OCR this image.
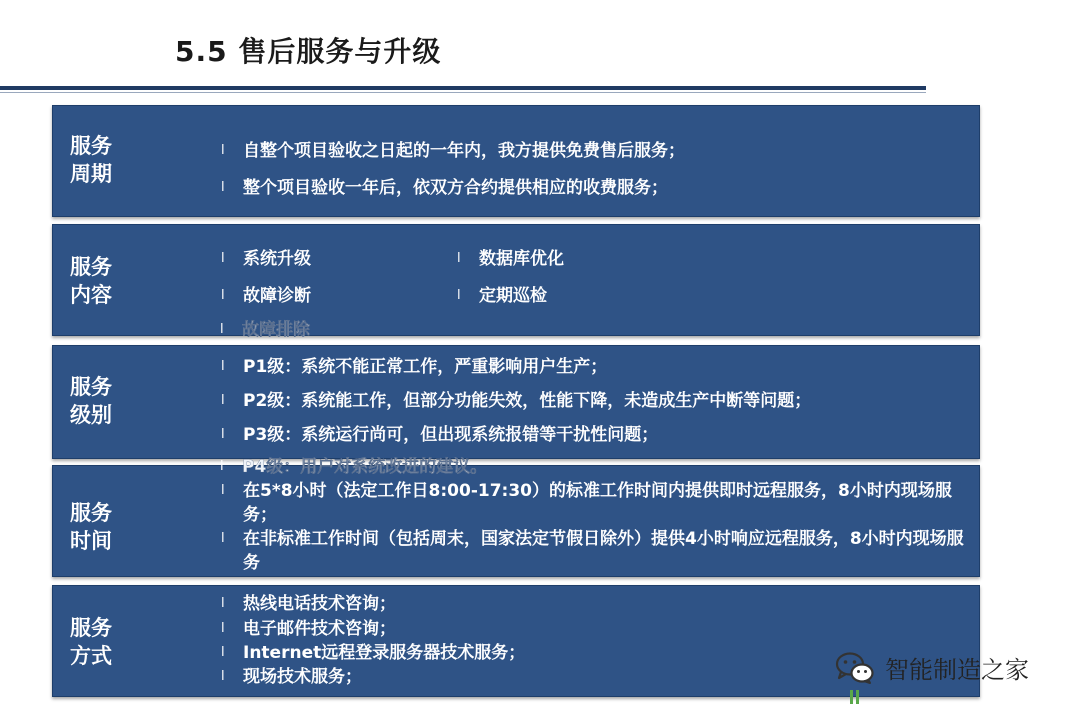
5.5 售后服务与升级
服务
周期
l 自整个项目验收之日起的一年内，我方提供免费售后服务；
l 整个项目验收一年后，依双方合约提供相应的收费服务；
服务
内容
l 系统升级
l 故障诊断
l 数据库优化
l 定期巡检
l 故障排除
服务
级别
l P1级：系统不能正常工作，严重影响用户生产；
l P2级：系统能工作，但部分功能失效，性能下降，未造成生产中断等问题；
l P3级：系统运行尚可，但出现系统报错等干扰性问题；
l P4级：用户对系统改进的建议。
服务
时间
l 在5*8小时（法定工作日8:00-17:30）的标准工作时间内提供即时远程服务，8小时内现场服务；
l 在非标准工作时间（包括周末，国家法定节假日除外）提供4小时响应远程服务，8小时内现场服务
服务
方式
l 热线电话技术咨询；
l 电子邮件技术咨询；
l Internet远程登录服务器技术服务；
l 现场技术服务；	智能制造之家
